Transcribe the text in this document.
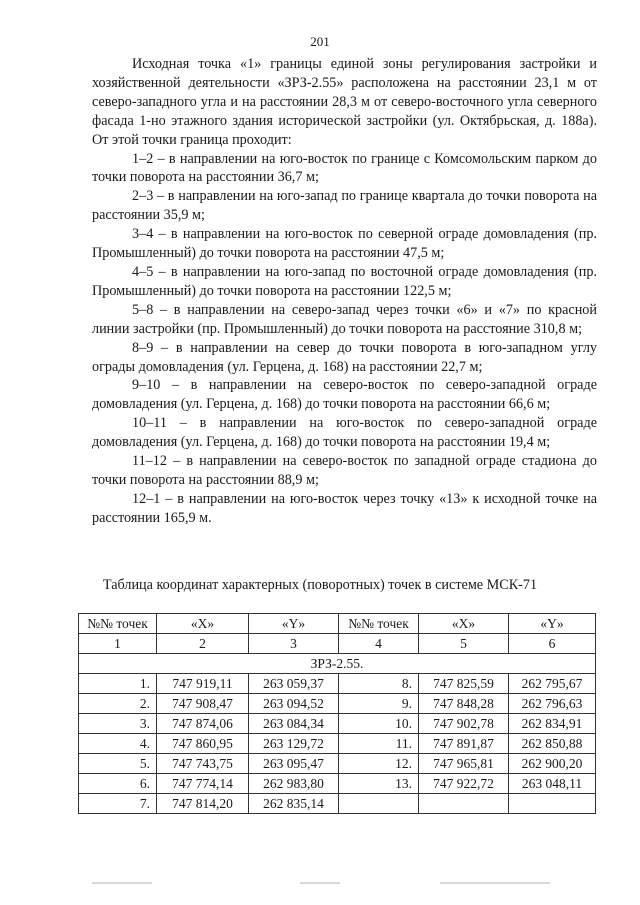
201

Исходная точка «1» границы единой зоны регулирования застройки и хозяйственной деятельности «ЗРЗ-2.55» расположена на расстоянии 23,1 м от северо-западного угла и на расстоянии 28,3 м от северо-восточного угла северного фасада 1-но этажного здания исторической застройки (ул. Октябрьская, д. 188а). От этой точки граница проходит:

1–2 – в направлении на юго-восток по границе с Комсомольским парком до точки поворота на расстоянии 36,7 м;

2–3 – в направлении на юго-запад по границе квартала до точки поворота на расстоянии 35,9 м;

3–4 – в направлении на юго-восток по северной ограде домовладения (пр. Промышленный) до точки поворота на расстоянии 47,5 м;

4–5 – в направлении на юго-запад по восточной ограде домовладения (пр. Промышленный) до точки поворота на расстоянии 122,5 м;

5–8 – в направлении на северо-запад через точки «6» и «7» по красной линии застройки (пр. Промышленный) до точки поворота на расстояние 310,8 м;

8–9 – в направлении на север до точки поворота в юго-западном углу ограды домовладения (ул. Герцена, д. 168) на расстоянии 22,7 м;

9–10 – в направлении на северо-восток по северо-западной ограде домовладения (ул. Герцена, д. 168) до точки поворота на расстоянии 66,6 м;

10–11 – в направлении на юго-восток по северо-западной ограде домовладения (ул. Герцена, д. 168) до точки поворота на расстоянии 19,4 м;

11–12 – в направлении на северо-восток по западной ограде стадиона до точки поворота на расстоянии 88,9 м;

12–1 – в направлении на юго-восток через точку «13» к исходной точке на расстоянии 165,9 м.

Таблица координат характерных (поворотных) точек в системе МСК-71
№№ точек	«X»	«Y»	№№ точек	«X»	«Y»
1	2	3	4	5	6
ЗРЗ-2.55.					
1.	747 919,11	263 059,37	8.	747 825,59	262 795,67
2.	747 908,47	263 094,52	9.	747 848,28	262 796,63
3.	747 874,06	263 084,34	10.	747 902,78	262 834,91
4.	747 860,95	263 129,72	11.	747 891,87	262 850,88
5.	747 743,75	263 095,47	12.	747 965,81	262 900,20
6.	747 774,14	262 983,80	13.	747 922,72	263 048,11
7.	747 814,20	262 835,14			
